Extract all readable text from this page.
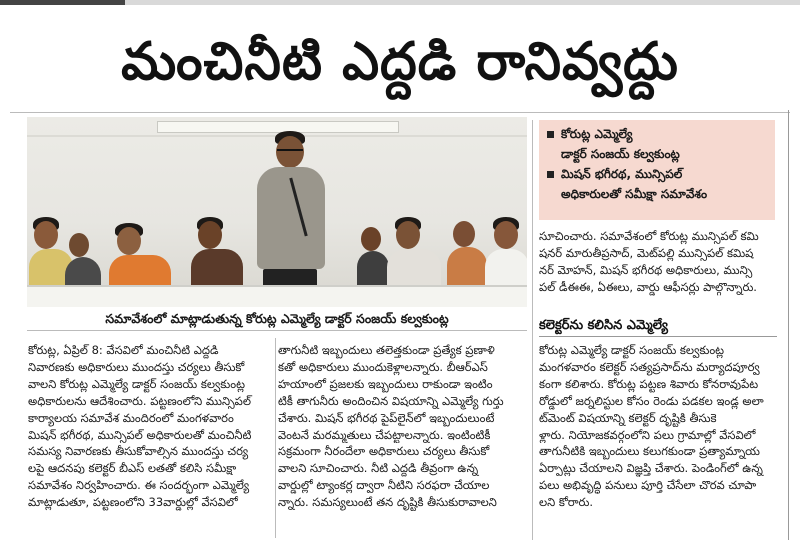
మంచినీటి ఎద్దడి రానివ్వద్దు
సమావేశంలో మాట్లాడుతున్న కోరుట్ల ఎమ్మెల్యే డాక్టర్ సంజయ్ కల్వకుంట్ల
కోరుట్ల ఎమ్మెల్యే
డాక్టర్ సంజయ్ కల్వకుంట్ల
మిషన్ భగీరథ, మున్సిపల్
అధికారులతో సమీక్షా సమావేశం
కోరుట్ల, ఏప్రిల్ 8: వేసవిలో మంచినీటి ఎద్దడి
నివారణకు అధికారులు ముందస్తు చర్యలు తీసుకో
వాలని కోరుట్ల ఎమ్మెల్యే డాక్టర్ సంజయ్ కల్వకుంట్ల
అధికారులను ఆదేశించారు. పట్టణంలోని మున్సిపల్
కార్యాలయ సమావేశ మందిరంలో మంగళవారం
మిషన్ భగీరథ, మున్సిపల్ అధికారులతో మంచినీటి
సమస్య నివారణకు తీసుకోవాల్సిన ముందస్తు చర్య
లపై ఆదనపు కలెక్టర్ బీఎస్ లతతో కలిసి సమీక్షా
సమావేశం నిర్వహించారు. ఈ సందర్భంగా ఎమ్మెల్యే
మాట్లాడుతూ, పట్టణంలోని 33వార్డుల్లో వేసవిలో
తాగునీటి ఇబ్బందులు తలెత్తకుండా ప్రత్యేక ప్రణాళి
కతో అధికారులు ముందుకెళ్లాలన్నారు. బీఆర్ఎస్
హయాంలో ప్రజలకు ఇబ్బందులు రాకుండా ఇంటిం
టికీ తాగునీరు అందించిన విషయాన్ని ఎమ్మెల్యే గుర్తు
చేశారు. మిషన్ భగీరథ పైప్‌లైన్‌లో ఇబ్బందులుంటే
వెంటనే మరమ్మతులు చేపట్టాలన్నారు. ఇంటింటికీ
సక్రమంగా నీరందేలా అధికారులు చర్యలు తీసుకో
వాలని సూచించారు. నీటి ఎద్దడి తీవ్రంగా ఉన్న
వార్డుల్లో ట్యాంకర్ల ద్వారా నీటిని సరఫరా చేయాల
న్నారు. సమస్యలుంటే తన దృష్టికి తీసుకురావాలని
సూచించారు. సమావేశంలో కోరుట్ల మున్సిపల్ కమి
షనర్ మారుతీప్రసాద్, మెట్‌పల్లి మున్సిపల్ కమిష
నర్ మోహన్, మిషన్ భగీరథ అధికారులు, మున్సి
పల్ డీఈఈ, ఏఈలు, వార్డు ఆఫీసర్లు పాల్గొన్నారు.
కలెక్టర్‌ను కలిసిన ఎమ్మెల్యే
కోరుట్ల ఎమ్మెల్యే డాక్టర్ సంజయ్ కల్వకుంట్ల
మంగళవారం కలెక్టర్ సత్యప్రసాద్‌ను మర్యాదపూర్వ
కంగా కలిశారు. కోరుట్ల పట్టణ శివారు కోనరావుపేట
రోడ్డులో జర్నలిస్టుల కోసం రెండు పడకల ఇండ్ల అలా
ట్‌మెంట్ విషయాన్ని కలెక్టర్ దృష్టికి తీసుకె
ళ్లారు. నియోజకవర్గంలోని పలు గ్రామాల్లో వేసవిలో
తాగునీటికి ఇబ్బందులు కలుగకుండా ప్రత్యామ్నాయ
ఏర్పాట్లు చేయాలని విజ్ఞప్తి చేశారు. పెండింగ్‌లో ఉన్న
పలు అభివృద్ధి పనులు పూర్తి చేసేలా చొరవ చూపా
లని కోరారు.
